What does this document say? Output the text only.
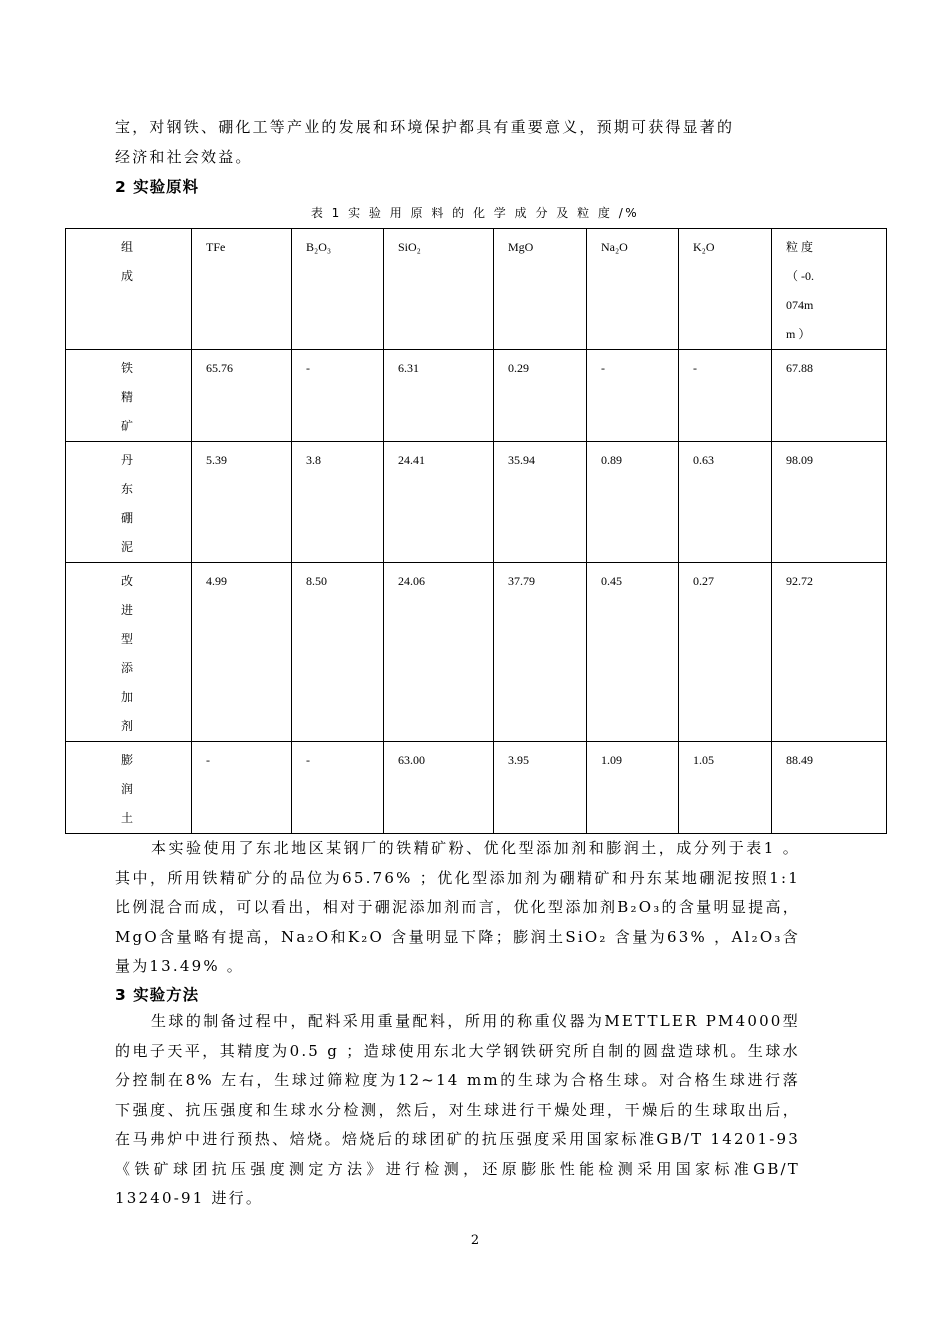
宝，对钢铁、硼化工等产业的发展和环境保护都具有重要意义，预期可获得显著的

经济和社会效益。

2 实验原料

表 1 实 验 用 原 料 的 化 学 成 分 及 粒 度 /%
组成	TFe	B₂O₃	SiO₂	MgO	Na₂O	K₂O	粒 度 （ -0.074mm ）

铁精矿	65.76	-	6.31	0.29	-	-	67.88

丹东硼泥	5.39	3.8	24.41	35.94	0.89	0.63	98.09

改进型添加剂	4.99	8.50	24.06	37.79	0.45	0.27	92.72

膨润土	-	-	63.00	3.95	1.09	1.05	88.49

本实验使用了东北地区某钢厂的铁精矿粉、优化型添加剂和膨润土，成分列于表1 。其中，所用铁精矿分的品位为65.76% ；优化型添加剂为硼精矿和丹东某地硼泥按照1:1 比例混合而成，可以看出，相对于硼泥添加剂而言，优化型添加剂B₂O₃的含量明显提高，MgO含量略有提高，Na₂O和K₂O 含量明显下降；膨润土SiO₂ 含量为63% ，Al₂O₃含量为13.49% 。

3 实验方法

生球的制备过程中，配料采用重量配料，所用的称重仪器为METTLER PM4000型的电子天平，其精度为0.5 g ；造球使用东北大学钢铁研究所自制的圆盘造球机。生球水分控制在8% 左右，生球过筛粒度为12~14 mm的生球为合格生球。对合格生球进行落下强度、抗压强度和生球水分检测，然后，对生球进行干燥处理，干燥后的生球取出后，在马弗炉中进行预热、焙烧。焙烧后的球团矿的抗压强度采用国家标准GB/T 14201-93 《铁矿球团抗压强度测定方法》进行检测，还原膨胀性能检测采用国家标准GB/T 13240-91 进行。

2
